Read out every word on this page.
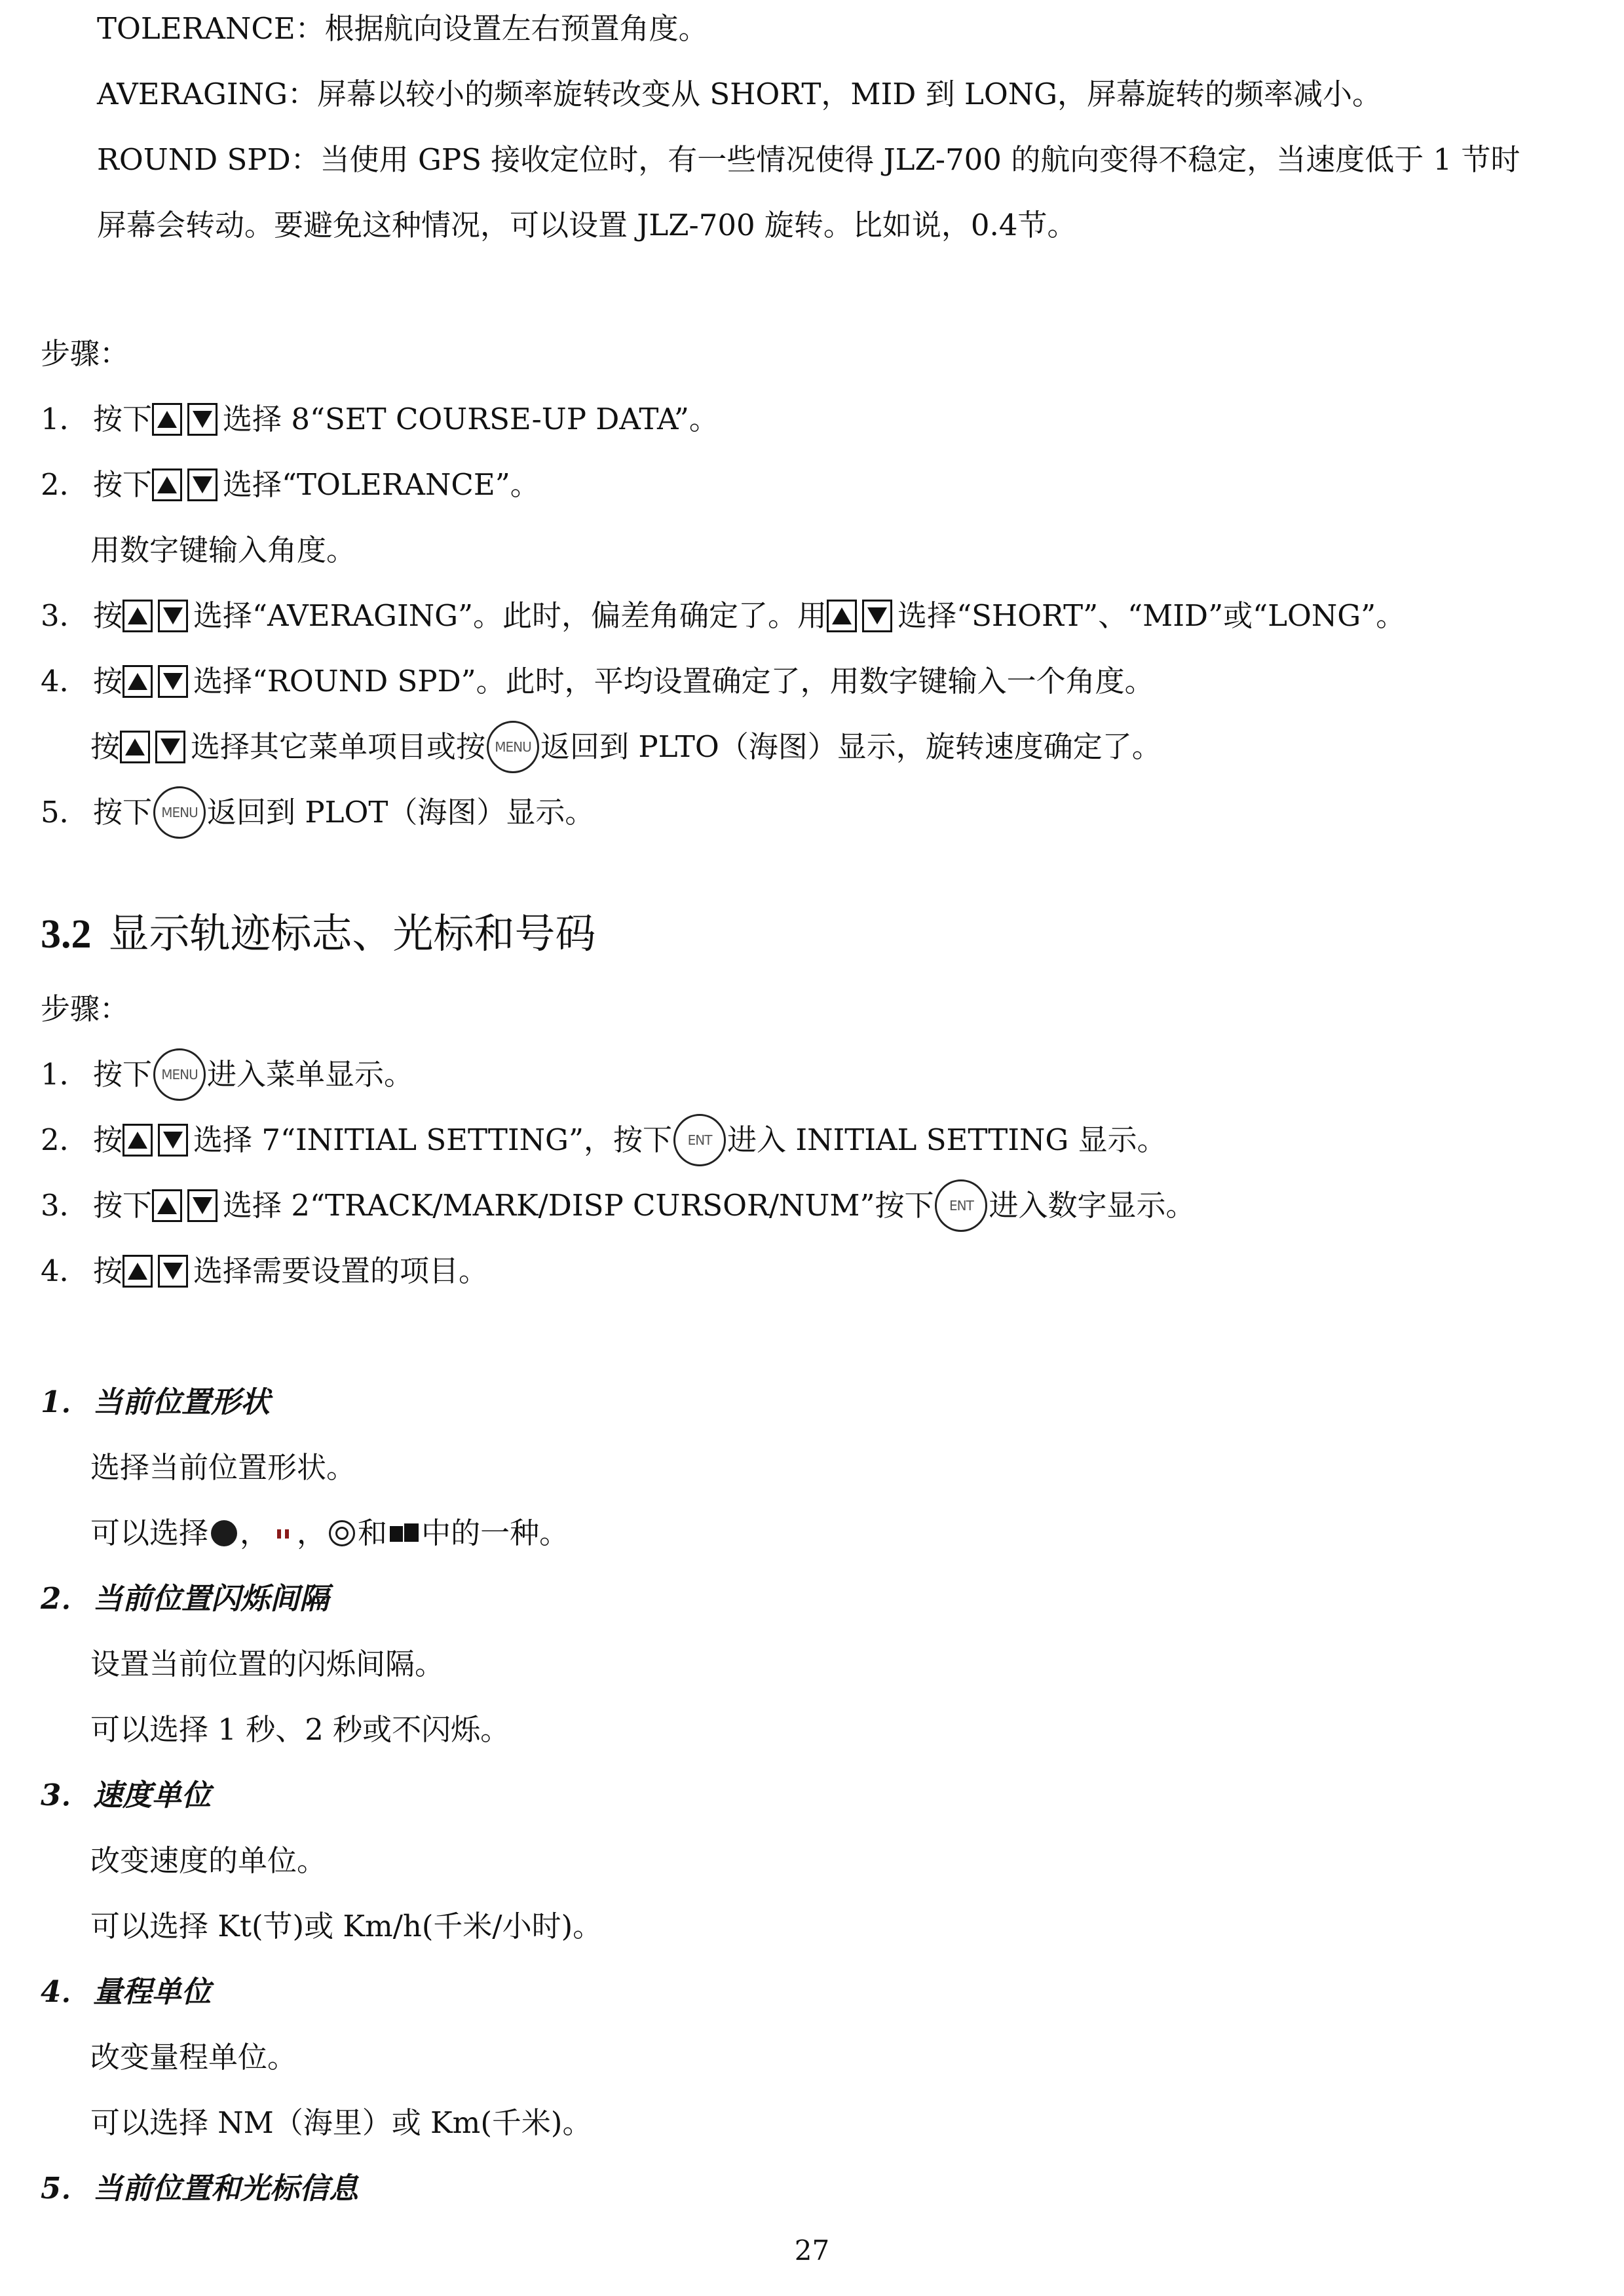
TOLERANCE：根据航向设置左右预置角度。
AVERAGING：屏幕以较小的频率旋转改变从 SHORT，MID 到 LONG，屏幕旋转的频率减小。
ROUND SPD：当使用 GPS 接收定位时，有一些情况使得 JLZ-700 的航向变得不稳定，当速度低于 1 节时
屏幕会转动。要避免这种情况，可以设置 JLZ-700 旋转。比如说，0.4节。
步骤：
1． 按下 选择 8“SET COURSE-UP DATA”。
2． 按下 选择“TOLERANCE”。
用数字键输入角度。
3． 按 选择“AVERAGING”。此时，偏差角确定了。用 选择“SHORT”、“MID”或“LONG”。
4． 按 选择“ROUND SPD”。此时，平均设置确定了，用数字键输入一个角度。
按 选择其它菜单项目或按 MENU 返回到 PLTO（海图）显示，旋转速度确定了。
5． 按下 MENU 返回到 PLOT（海图）显示。
3.2 显示轨迹标志、光标和号码
步骤：
1． 按下 MENU 进入菜单显示。
2． 按 选择 7“INITIAL SETTING”，按下	ENT 进入 INITIAL SETTING 显示。
3． 按下 选择 2“TRACK/MARK/DISP CURSOR/NUM”按下	ENT 进入数字显示。
4． 按 选择需要设置的项目。
1． 当前位置形状
选择当前位置形状。
可以选择 ， ， 和 中的一种。
2． 当前位置闪烁间隔
设置当前位置的闪烁间隔。
可以选择 1 秒、2 秒或不闪烁。
3． 速度单位
改变速度的单位。
可以选择 Kt(节)或 Km/h(千米/小时)。
4． 量程单位
改变量程单位。
可以选择 NM（海里）或 Km(千米)。
5． 当前位置和光标信息
27
